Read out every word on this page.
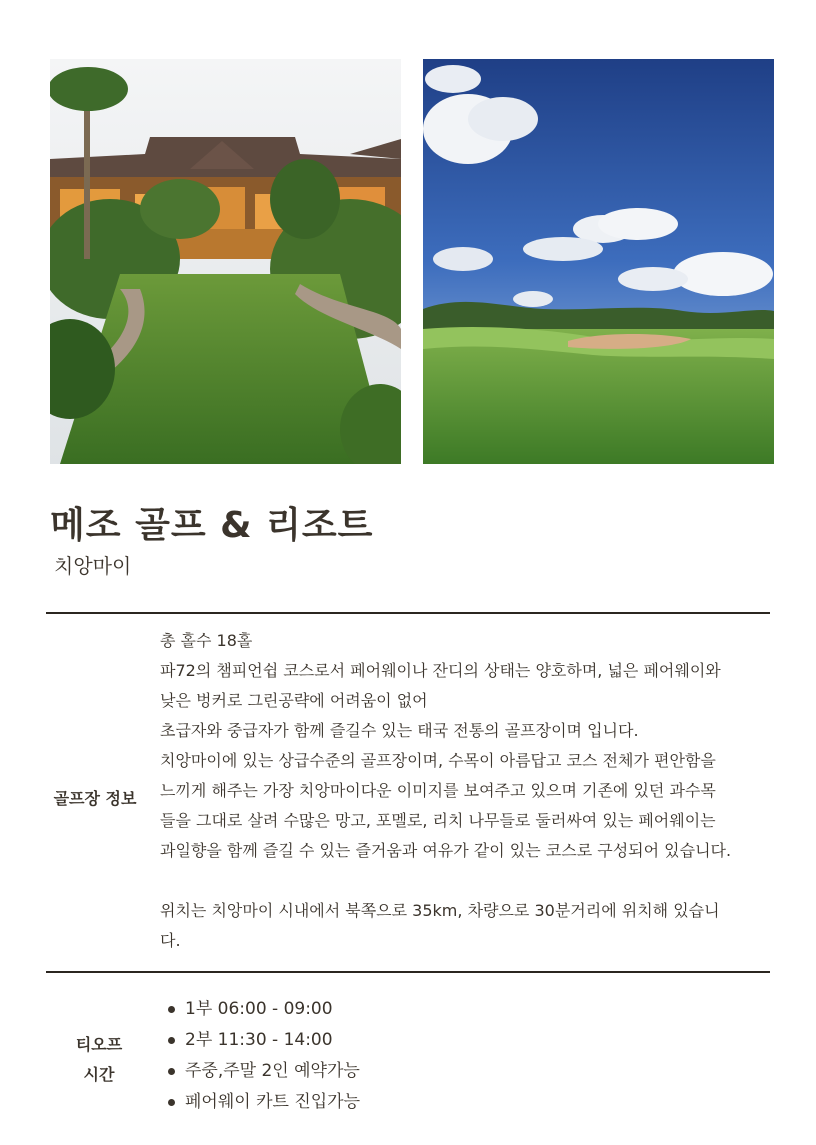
메조 골프 & 리조트

치앙마이

골프장 정보
총 홀수 18홀
파72의 챔피언쉽 코스로서 페어웨이나 잔디의 상태는 양호하며, 넓은 페어웨이와
낮은 벙커로 그린공략에 어려움이 없어
초급자와 중급자가 함께 즐길수 있는 태국 전통의 골프장이며 입니다.
치앙마이에 있는 상급수준의 골프장이며, 수목이 아름답고 코스 전체가 편안함을
느끼게 해주는 가장 치앙마이다운 이미지를 보여주고 있으며 기존에 있던 과수목
들을 그대로 살려 수많은 망고, 포멜로, 리치 나무들로 둘러싸여 있는 페어웨이는
과일향을 함께 즐길 수 있는 즐거움과 여유가 같이 있는 코스로 구성되어 있습니다.
위치는 치앙마이 시내에서 북쪽으로 35km, 차량으로 30분거리에 위치해 있습니
다.
티오프
시간
1부 06:00 - 09:00
2부 11:30 - 14:00
주중,주말 2인 예약가능
페어웨이 카트 진입가능
